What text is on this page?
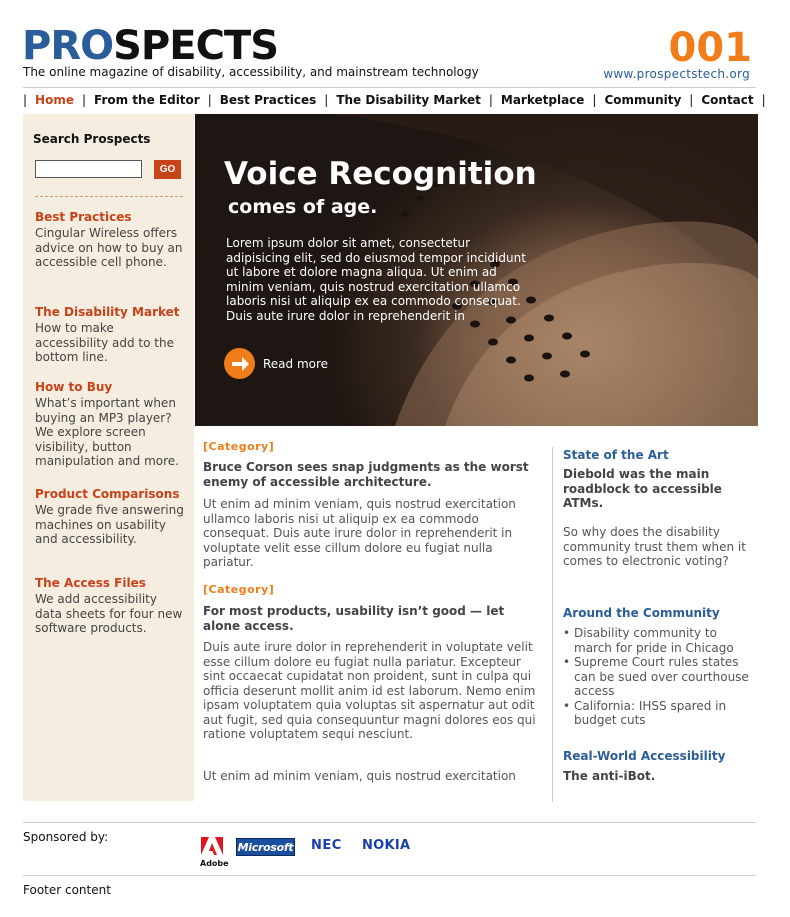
PROSPECTS
The online magazine of disability, accessibility, and mainstream technology
001
www.prospectstech.org
| Home | From the Editor | Best Practices | The Disability Market | Marketplace | Community | Contact |
Search Prospects
GO
Best Practices
Cingular Wireless offers advice on how to buy an accessible cell phone.
The Disability Market
How to make accessibility add to the bottom line.
How to Buy
What’s important when buying an MP3 player? We explore screen visibility, button manipulation and more.
Product Comparisons
We grade five answering machines on usability and accessibility.
The Access Files
We add accessibility data sheets for four new software products.
Voice Recognition
comes of age.
Lorem ipsum dolor sit amet, consectetur adipisicing elit, sed do eiusmod tempor incididunt ut labore et dolore magna aliqua. Ut enim ad minim veniam, quis nostrud exercitation ullamco laboris nisi ut aliquip ex ea commodo consequat. Duis aute irure dolor in reprehenderit in
Read more
[Category]
Bruce Corson sees snap judgments as the worst enemy of accessible architecture.
Ut enim ad minim veniam, quis nostrud exercitation ullamco laboris nisi ut aliquip ex ea commodo consequat. Duis aute irure dolor in reprehenderit in voluptate velit esse cillum dolore eu fugiat nulla pariatur.
[Category]
For most products, usability isn’t good — let alone access.
Duis aute irure dolor in reprehenderit in voluptate velit esse cillum dolore eu fugiat nulla pariatur. Excepteur sint occaecat cupidatat non proident, sunt in culpa qui officia deserunt mollit anim id est laborum. Nemo enim ipsam voluptatem quia voluptas sit aspernatur aut odit aut fugit, sed quia consequuntur magni dolores eos qui ratione voluptatem sequi nesciunt.
Ut enim ad minim veniam, quis nostrud exercitation
State of the Art
Diebold was the main roadblock to accessible ATMs.
So why does the disability community trust them when it comes to electronic voting?
Around the Community
• Disability community to march for pride in Chicago
• Supreme Court rules states can be sued over courthouse access
• California: IHSS spared in budget cuts
Real-World Accessibility
The anti-iBot.
Sponsored by:
Adobe
Microsoft NEC NOKIA
Footer content
